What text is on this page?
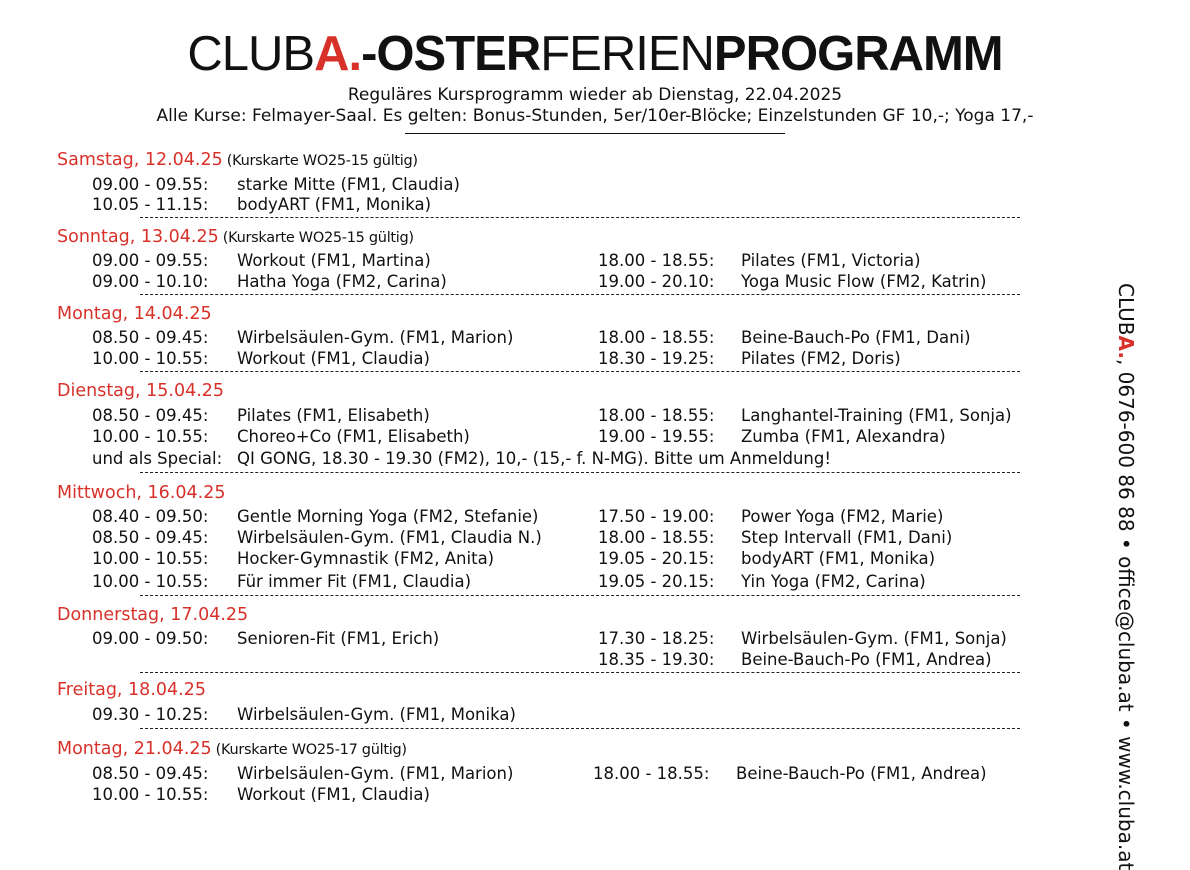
CLUBA.-OSTERFERIENPROGRAMM
Reguläres Kursprogramm wieder ab Dienstag, 22.04.2025
Alle Kurse: Felmayer-Saal. Es gelten: Bonus-Stunden, 5er/10er-Blöcke; Einzelstunden GF 10,-; Yoga 17,-
Samstag, 12.04.25 (Kurskarte WO25-15 gültig)
09.00 - 09.55: starke Mitte (FM1, Claudia)
10.05 - 11.15: bodyART (FM1, Monika)
Sonntag, 13.04.25 (Kurskarte WO25-15 gültig)
09.00 - 09.55: Workout (FM1, Martina)
09.00 - 10.10: Hatha Yoga (FM2, Carina)
18.00 - 18.55: Pilates (FM1, Victoria)
19.00 - 20.10: Yoga Music Flow (FM2, Katrin)
Montag, 14.04.25
08.50 - 09.45: Wirbelsäulen-Gym. (FM1, Marion)
10.00 - 10.55: Workout (FM1, Claudia)
18.00 - 18.55: Beine-Bauch-Po (FM1, Dani)
18.30 - 19.25: Pilates (FM2, Doris)
Dienstag, 15.04.25
08.50 - 09.45: Pilates (FM1, Elisabeth)
10.00 - 10.55: Choreo+Co (FM1, Elisabeth)
18.00 - 18.55: Langhantel-Training (FM1, Sonja)
19.00 - 19.55: Zumba (FM1, Alexandra)
und als Special: QI GONG, 18.30 - 19.30 (FM2), 10,- (15,- f. N-MG). Bitte um Anmeldung!
Mittwoch, 16.04.25
08.40 - 09.50: Gentle Morning Yoga (FM2, Stefanie)
08.50 - 09.45: Wirbelsäulen-Gym. (FM1, Claudia N.)
10.00 - 10.55: Hocker-Gymnastik (FM2, Anita)
10.00 - 10.55: Für immer Fit (FM1, Claudia)
17.50 - 19.00: Power Yoga (FM2, Marie)
18.00 - 18.55: Step Intervall (FM1, Dani)
19.05 - 20.15: bodyART (FM1, Monika)
19.05 - 20.15: Yin Yoga (FM2, Carina)
Donnerstag, 17.04.25
09.00 - 09.50: Senioren-Fit (FM1, Erich)	17.30 - 18.25: Wirbelsäulen-Gym. (FM1, Sonja)
18.35 - 19.30: Beine-Bauch-Po (FM1, Andrea)
Freitag, 18.04.25
09.30 - 10.25: Wirbelsäulen-Gym. (FM1, Monika)
Montag, 21.04.25 (Kurskarte WO25-17 gültig)
08.50 - 09.45: Wirbelsäulen-Gym. (FM1, Marion)
10.00 - 10.55: Workout (FM1, Claudia)
18.00 - 18.55: Beine-Bauch-Po (FM1, Andrea)
CLUBA., 0676-600 86 88 • office@cluba.at • www.cluba.at
